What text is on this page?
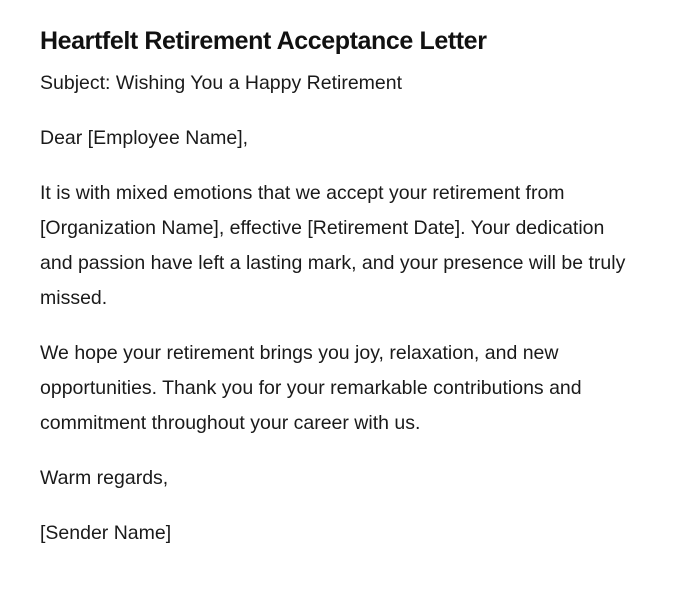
Heartfelt Retirement Acceptance Letter

Subject: Wishing You a Happy Retirement

Dear [Employee Name],

It is with mixed emotions that we accept your retirement from [Organization Name], effective [Retirement Date]. Your dedication and passion have left a lasting mark, and your presence will be truly missed.

We hope your retirement brings you joy, relaxation, and new opportunities. Thank you for your remarkable contributions and commitment throughout your career with us.

Warm regards,

[Sender Name]
